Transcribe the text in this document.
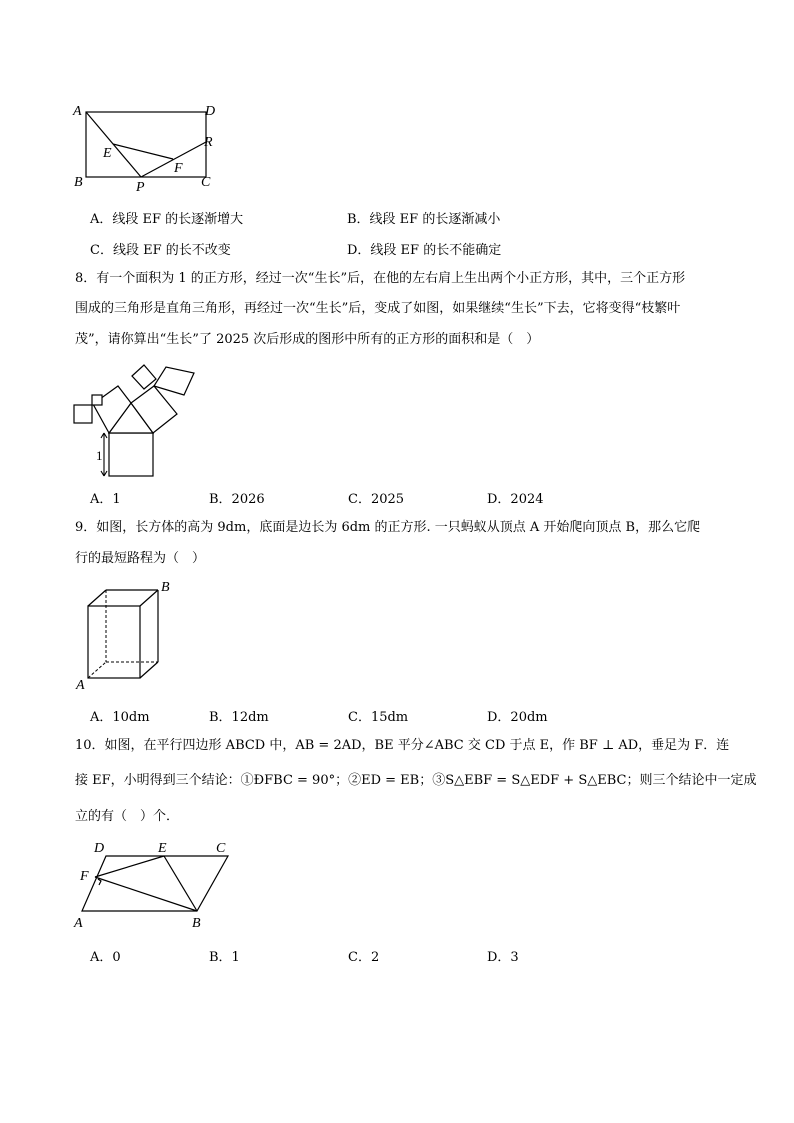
A	D
E
R
F
B	P	C
A．线段 EF 的长逐渐增大	B．线段 EF 的长逐渐减小
C．线段 EF 的长不改变	D．线段 EF 的长不能确定
8．有一个面积为 1 的正方形，经过一次“生长”后，在他的左右肩上生出两个小正方形，其中，三个正方形
围成的三角形是直角三角形，再经过一次“生长”后，变成了如图，如果继续“生长”下去，它将变得“枝繁叶
茂”，请你算出“生长”了 2025 次后形成的图形中所有的正方形的面积和是（　）
1
A．1	B．2026	C．2025	D．2024
9．如图，长方体的高为 9dm，底面是边长为 6dm 的正方形. 一只蚂蚁从顶点 A 开始爬向顶点 B，那么它爬
行的最短路程为（　）
B
A
A．10dm	B．12dm	C．15dm	D．20dm
10．如图，在平行四边形 ABCD 中，AB = 2AD，BE 平分∠ABC 交 CD 于点 E，作 BF ⊥ AD，垂足为 F．连
接 EF，小明得到三个结论：①ÐFBC = 90°；②ED = EB；③S△EBF = S△EDF + S△EBC；则三个结论中一定成
立的有（　）个．
D	E	C
F
A	B
A．0	B．1	C．2	D．3
